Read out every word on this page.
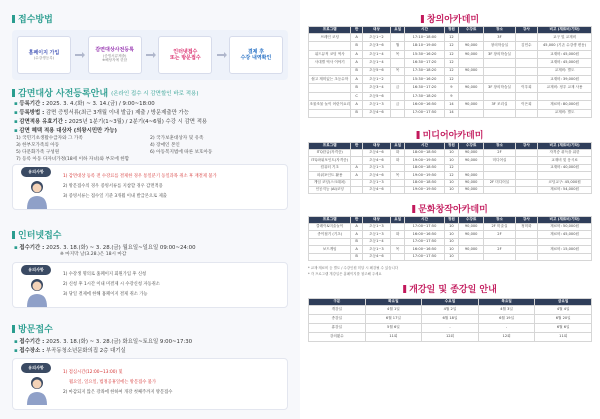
접수방법
홈페이지 가입
(수강생등록)
감면대상사전등록
(증빙서류제출)
※해당자에 한함
인터넷접수
또는 방문접수
결제 후
수강 내역확인
감면대상 사전등록안내 (온라인 접수 시 감면할인 바로 적용)
▪ 등록기간 : 2025. 3. 4.(화) ~ 3. 14.(금) / 9:00~18:00
▪ 등록방법 : 감면 증빙서류(최근 3개월 이내 발급) 제출 / 방문제출만 가능
▪ 감면적용 유효기간 : 2025년 1분기(1~3월) / 2분기(4~6월) 수강 시 감면 적용
▪ 감면 혜택 적용 대상자 (의왕시민만 가능)
1) 국민기초생활수급자와 그 가족	2) 국가보훈대상자 및 유족
3) 한부모가족의 아동	4) 장애인 본인
5) 다문화가족 구성원	6) 아동복지법에 따른 보호아동
7) 등록 아동 다자녀가정(18세 이하 자녀)와 부모에 한함
유의사항
1) 감면대상 등록 전 수강료를 결제한 경우 통일분기 동일과목 취소 후 재결제 불가
2) 방문접수의 경우 증빙서류를 지참할 경우 감면적용
3) 증빙서류는 접수일 기준 3개월 이내 발급본으로 제출
인터넷접수
▪ 접수기간 : 2025. 3. 18.(화) ~ 3. 28.(금) 월요일~일요일 09:00~24:00
※ 마지막 날(3.28.)은 18시 마감
유의사항
1) 수강생 명의로 홈페이지 회원가입 후 신청
2) 신청 후 1시간 이내 미결제 시 수강신청 자동취소
3) 당일 결제에 한해 홈페이지 결제 취소 가능
방문접수
▪ 접수기간 : 2025. 3. 18.(화) ~ 3. 28.(금) 화요일~토요일 9:00~17:30
▪ 접수장소 : 부곡동청소년문화의집 2층 대기실
유의사항
1) 점심시간(12:00~13:00) 및
월요일, 일요일, 법정공휴일에는 방문접수 불가
2) 마감되지 않은 강좌에 한하여 개강 첫째주까지 방문접수
창의아카데미
프로그램	반	대상	요일	시간	정원	수강료	장소	강사	비고 (재료비/기타)
브레인 코딩	A	초등1~2		17:10~18:00	12		3F		교구 및 교재비
	B	초등3~6	월	18:10~19:00	12	90,000	창의학습실	김민수	45,000 (기존 수강생 변동)
위드뮤직 코딩 역사	A	초등1~4	목	15:30~16:20	12	90,000	3F 창의학습실		교재비: 45,000원
사대별 역사 이야기	A	초등1~4		16:30~17:20	12				교재비: 45,000원
	B	초등5~6	목	17:30~18:20	12	90,000			교재비: 별도
쉽고 재미있는 초등수학	A	초등1~2		15:30~16:20	12				교재비: 39,000원
	B	초등3~4	금	16:30~17:20	9	90,000	3F 창의학습실	이우희	교재비: 정우 교재 사용
	C	초등5~6		17:30~18:20	9				
조물조물 놀이 어린이요리	A	초등1~3	금	16:00~16:50	14	90,000	3F 조리실	이은희	재료비: 80,000원
	B	초등4~6		17:00~17:50	14				교재비: 별도
미디어아카데미
프로그램	반	대상	요일	시간	정원	수강료	장소	강사	비고 (재료비/기타)
ITQ한글(자격증)		초등4~6	화	18:00~18:50	10	90,000	2F		자격증 취득을 위한
ITQ파워포인트(자격증)		초등4~6	화	19:00~19:50	10	90,000	미디어실		교재비 및 응시료
컴퓨터 기초	A	초등1~3		18:00~18:50	12				교재비: 40,000원
파워포인트 활용	A	초등4~6	목	19:00~19:50	12	90,000			
게임 코딩(스크래치)		초등1~3		18:00~18:50	10	90,000	2F 미디어실		코딩교구: 45,000원
인공지능 (AI)코딩		초등4~6		19:00~19:50	10	90,000			재료비: 54,000원
문화창작아카데미
프로그램	반	대상	요일	시간	정원	수강료	장소	강사	비고 (재료비/기타)
클레이&미술놀이	A	초등1~3		17:00~17:50	10	90,000	2F 미술실	정미화	재료비: 50,000원
종이접기 (기초)	A	초등1~3	화	16:00~16:50	10	90,000	2F		재료비: 45,000원
	B	초등1~4		17:00~17:50	10				
보드게임	A	초등1~3	목	16:00~16:50	10	90,000	2F		재료비: 15,000원
	B	초등4~6		17:00~17:50	10				
* 교재·재료비 등 별도 / 수강인원 미달 시 폐강될 수 있습니다
* 각 프로그램 개강일은 홈페이지를 참고해 주세요
개강일 및 종강일 안내
구분	화요일	수요일	목요일	금요일
개강일	4월 1일	4월 2일	4월 3일	4월 4일
종강일	6월 17일	6월 18일	6월 19일	6월 20일
휴강일	5월 6일	-	-	6월 6일
강의횟수	11회	12회	12회	11회
